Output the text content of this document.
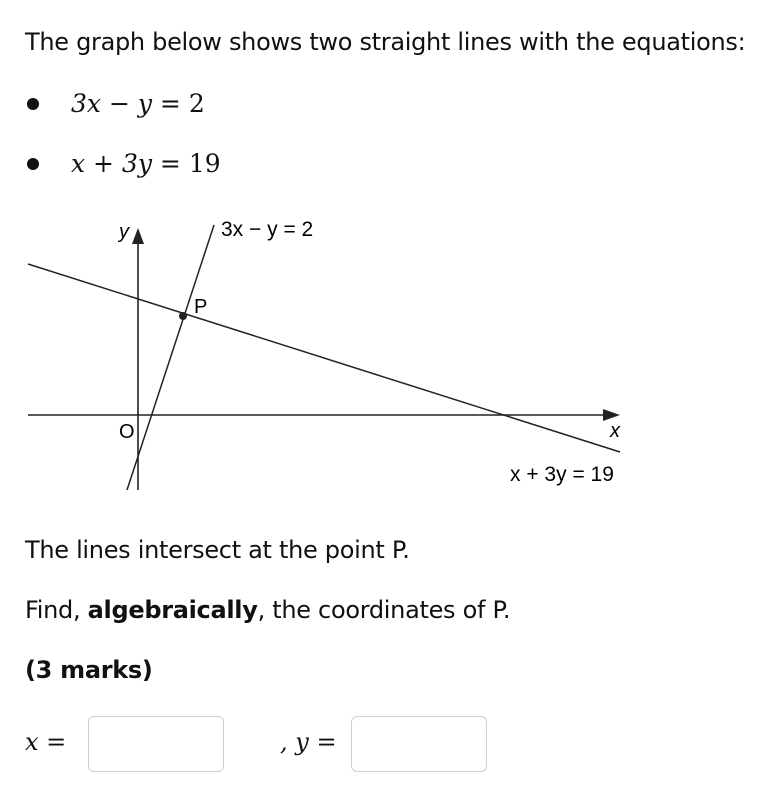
The graph below shows two straight lines with the equations:

3x − y = 2
x + 3y = 19
P
O
y
x
3x − y = 2
x + 3y = 19

The lines intersect at the point P.

Find, algebraically, the coordinates of P.

(3 marks)

x =	, y =
